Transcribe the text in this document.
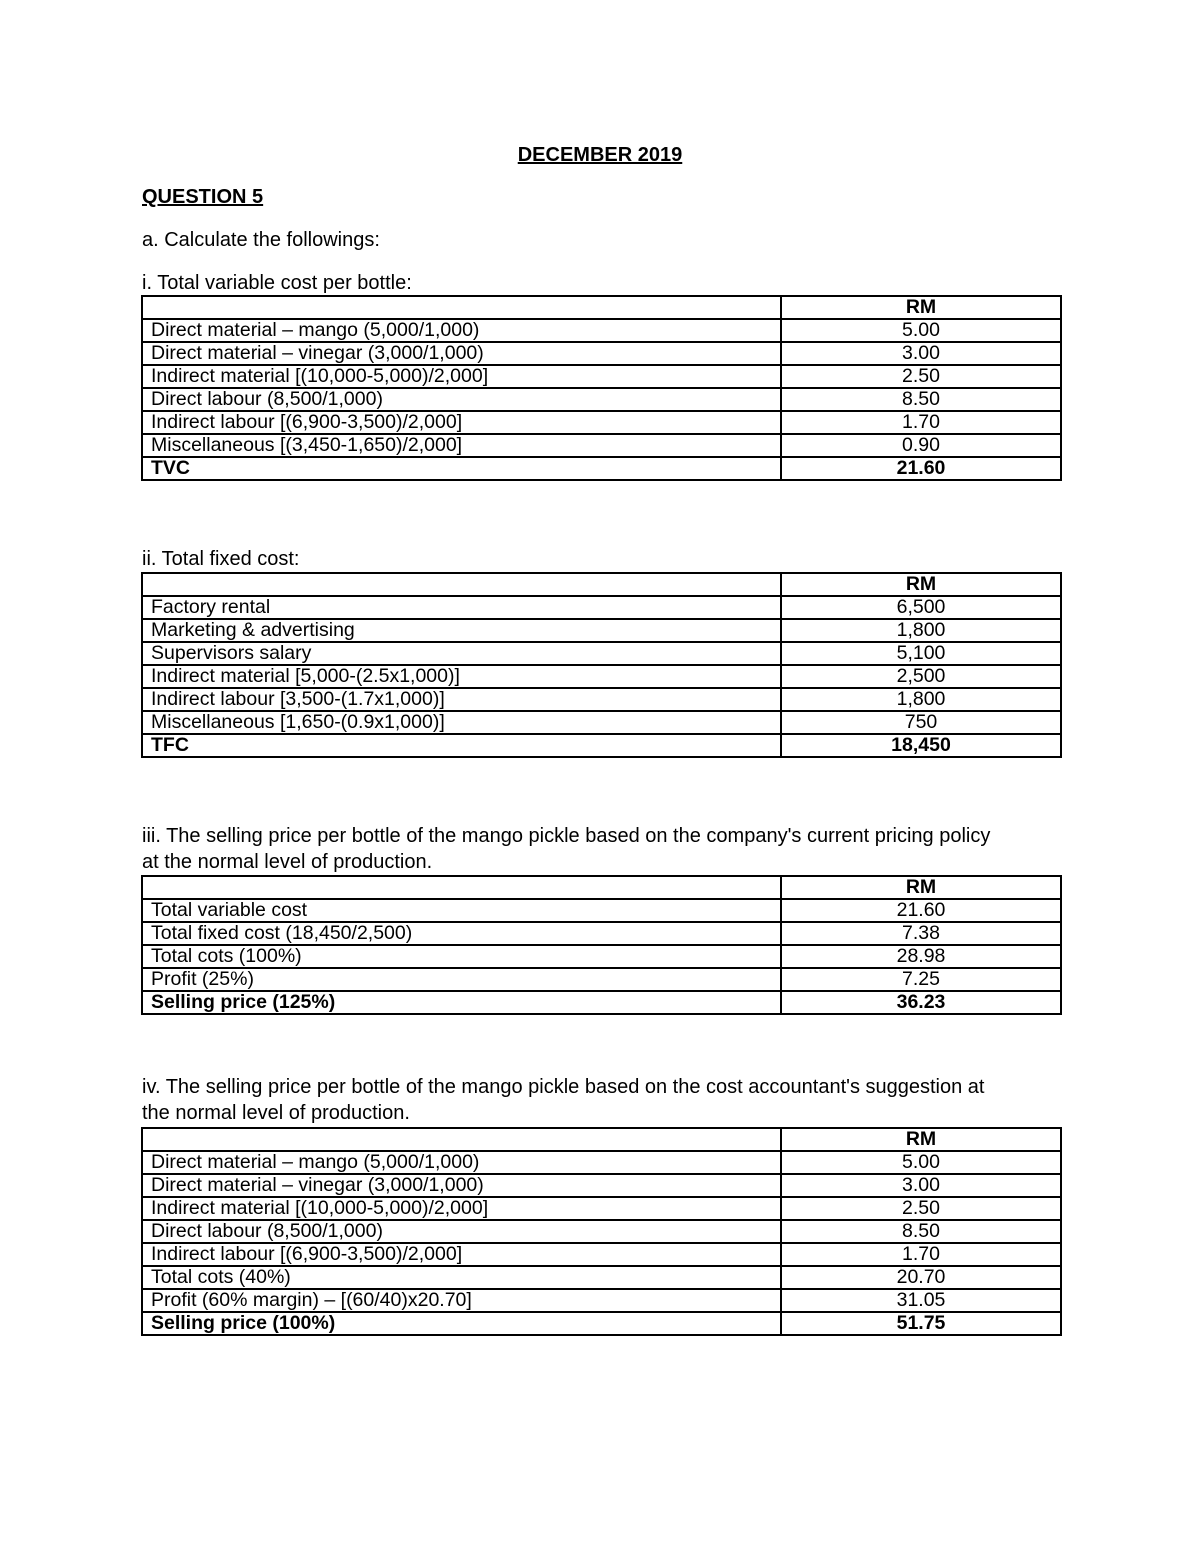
DECEMBER 2019
QUESTION 5
a. Calculate the followings:
i. Total variable cost per bottle:
	RM
Direct material – mango (5,000/1,000)	5.00
Direct material – vinegar (3,000/1,000)	3.00
Indirect material [(10,000-5,000)/2,000]	2.50
Direct labour (8,500/1,000)	8.50
Indirect labour [(6,900-3,500)/2,000]	1.70
Miscellaneous [(3,450-1,650)/2,000]	0.90
TVC	21.60
ii. Total fixed cost:
	RM
Factory rental	6,500
Marketing & advertising	1,800
Supervisors salary	5,100
Indirect material [5,000-(2.5x1,000)]	2,500
Indirect labour [3,500-(1.7x1,000)]	1,800
Miscellaneous [1,650-(0.9x1,000)]	750
TFC	18,450
iii. The selling price per bottle of the mango pickle based on the company's current pricing policy
at the normal level of production.
	RM
Total variable cost	21.60
Total fixed cost (18,450/2,500)	7.38
Total cots (100%)	28.98
Profit (25%)	7.25
Selling price (125%)	36.23
iv. The selling price per bottle of the mango pickle based on the cost accountant's suggestion at
the normal level of production.
	RM
Direct material – mango (5,000/1,000)	5.00
Direct material – vinegar (3,000/1,000)	3.00
Indirect material [(10,000-5,000)/2,000]	2.50
Direct labour (8,500/1,000)	8.50
Indirect labour [(6,900-3,500)/2,000]	1.70
Total cots (40%)	20.70
Profit (60% margin) – [(60/40)x20.70]	31.05
Selling price (100%)	51.75
